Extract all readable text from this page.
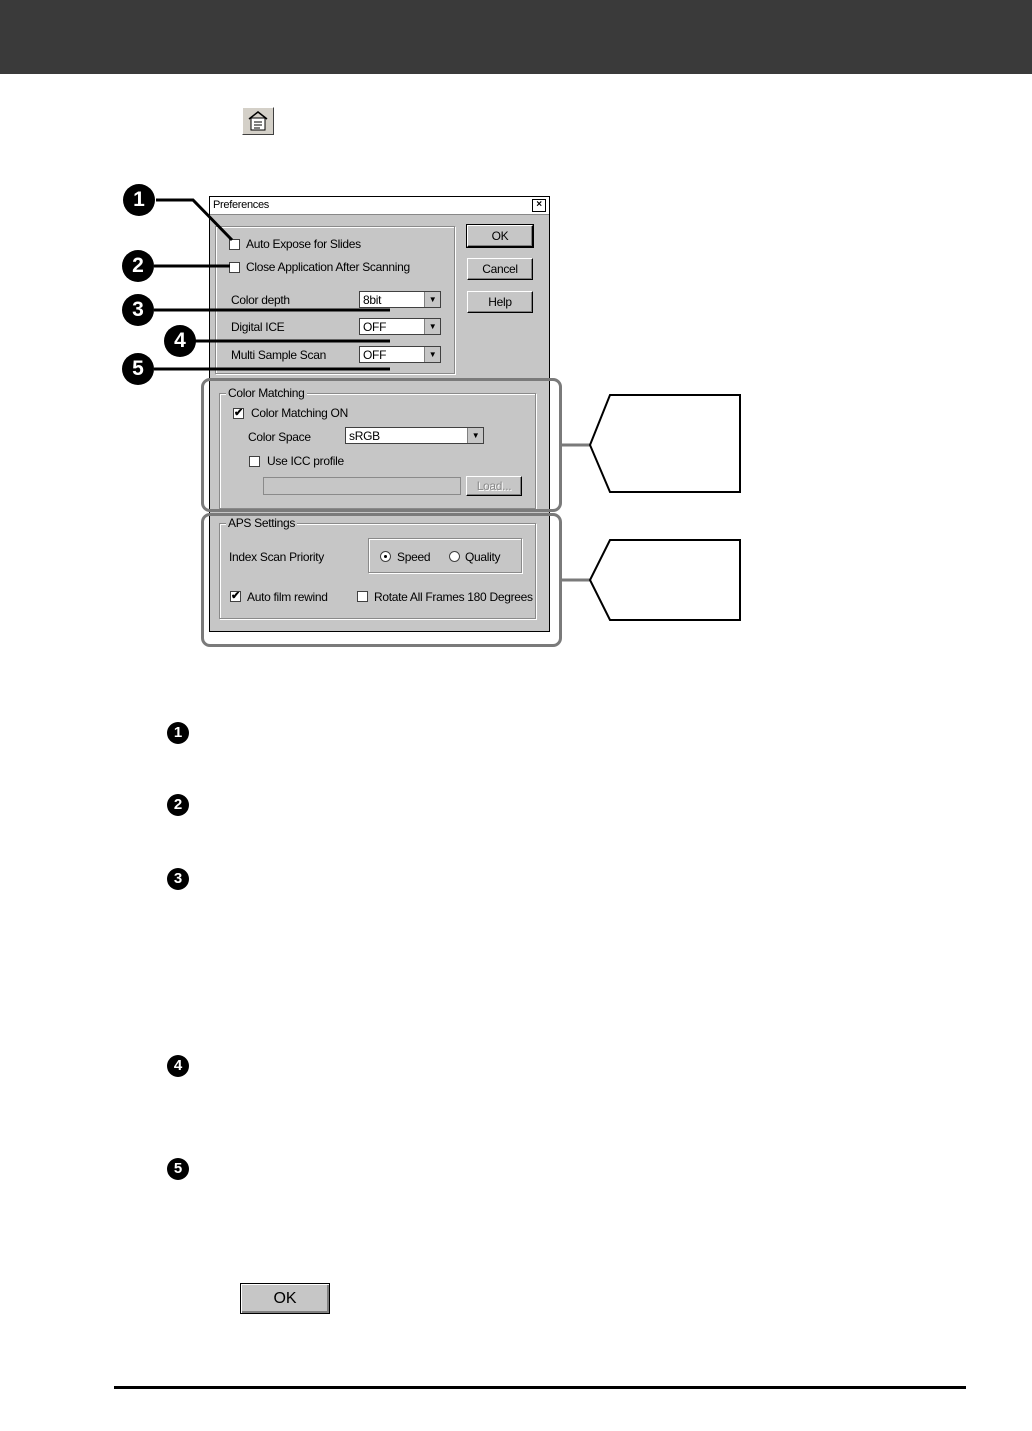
Preferences	×
Auto Expose for Slides
Close Application After Scanning
Color depth	8bit	▼
Digital ICE	OFF	▼
Multi Sample Scan	OFF	▼
OK
Cancel
Help
Color Matching
✔ Color Matching ON
Color Space	sRGB	▼
Use ICC profile
Load...
APS Settings
Index Scan Priority	Speed	Quality
✔ Auto film rewind	Rotate All Frames 180 Degrees
1
2
3
4
5
1
2
3
4
5
OK
